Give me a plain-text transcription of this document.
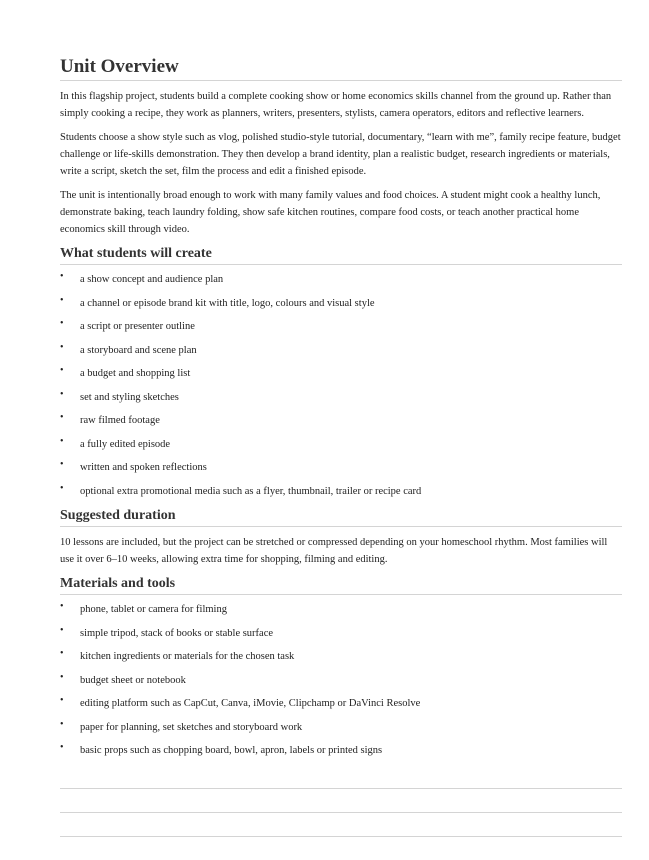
Unit Overview

In this flagship project, students build a complete cooking show or home economics skills channel from the ground up. Rather than simply cooking a recipe, they work as planners, writers, presenters, stylists, camera operators, editors and reflective learners.

Students choose a show style such as vlog, polished studio-style tutorial, documentary, “learn with me”, family recipe feature, budget challenge or life-skills demonstration. They then develop a brand identity, plan a realistic budget, research ingredients or materials, write a script, sketch the set, film the process and edit a finished episode.

The unit is intentionally broad enough to work with many family values and food choices. A student might cook a healthy lunch, demonstrate baking, teach laundry folding, show safe kitchen routines, compare food costs, or teach another practical home economics skill through video.

What students will create
• a show concept and audience plan
• a channel or episode brand kit with title, logo, colours and visual style
• a script or presenter outline
• a storyboard and scene plan
• a budget and shopping list
• set and styling sketches
• raw filmed footage
• a fully edited episode
• written and spoken reflections
• optional extra promotional media such as a flyer, thumbnail, trailer or recipe card
Suggested duration

10 lessons are included, but the project can be stretched or compressed depending on your homeschool rhythm. Most families will use it over 6–10 weeks, allowing extra time for shopping, filming and editing.

Materials and tools
• phone, tablet or camera for filming
• simple tripod, stack of books or stable surface
• kitchen ingredients or materials for the chosen task
• budget sheet or notebook
• editing platform such as CapCut, Canva, iMovie, Clipchamp or DaVinci Resolve
• paper for planning, set sketches and storyboard work
• basic props such as chopping board, bowl, apron, labels or printed signs
